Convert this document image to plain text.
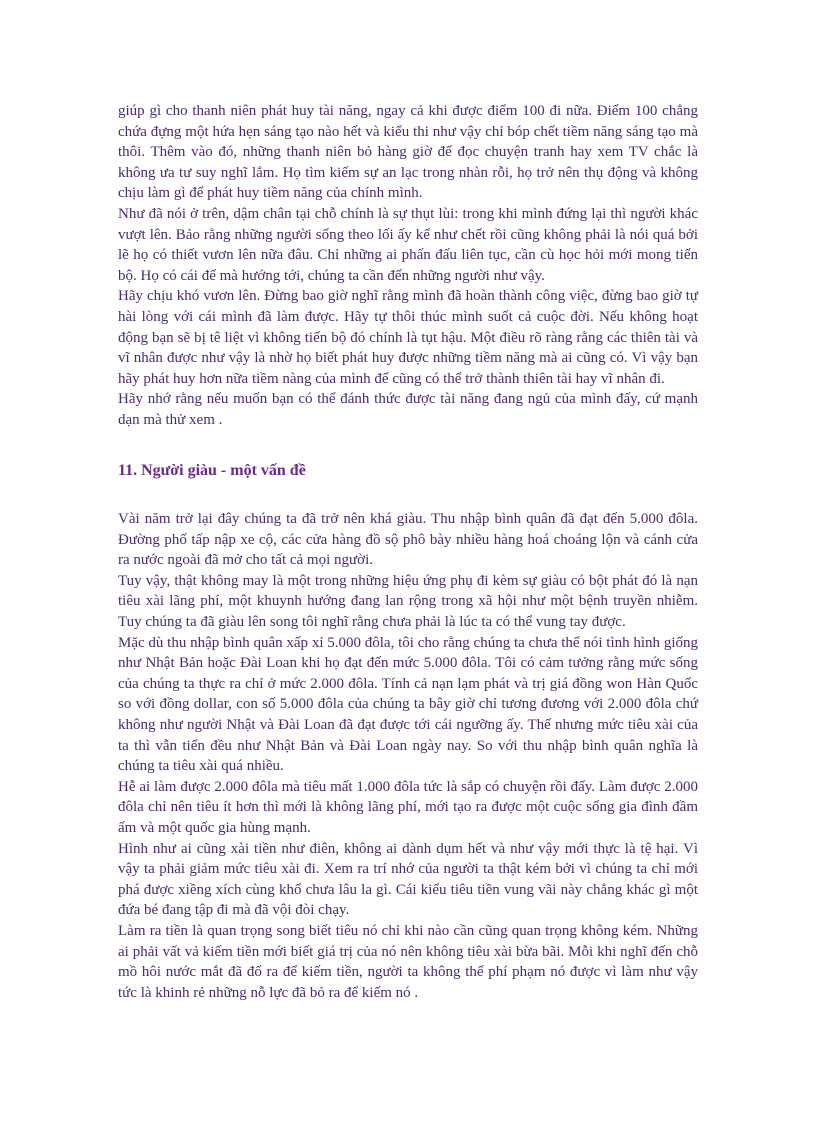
giúp gì cho thanh niên phát huy tài năng, ngay cả khi được điểm 100 đi nữa. Điểm 100 chẳng chứa đựng một hứa hẹn sáng tạo nào hết và kiểu thi như vậy chỉ bóp chết tiềm năng sáng tạo mà thôi. Thêm vào đó, những thanh niên bỏ hàng giờ để đọc chuyện tranh hay xem TV chắc là không ưa tư suy nghĩ lắm. Họ tìm kiếm sự an lạc trong nhàn rỗi, họ trở nên thụ động và không chịu làm gì để phát huy tiềm năng của chính mình.

Như đã nói ở trên, dậm chân tại chỗ chính là sự thụt lùi: trong khi mình đứng lại thì người khác vượt lên. Bảo rằng những người sống theo lối ấy kể như chết rồi cũng không phải là nói quá bởi lẽ họ có thiết vươn lên nữa đâu. Chỉ những ai phấn đấu liên tục, cần cù học hỏi mới mong tiến bộ. Họ có cái để mà hướng tới, chúng ta cần đến những người như vậy.

Hãy chịu khó vươn lên. Đừng bao giờ nghĩ rằng mình đã hoàn thành công việc, đừng bao giờ tự hài lòng với cái mình đã làm được. Hãy tự thôi thúc mình suốt cả cuộc đời. Nếu không hoạt động bạn sẽ bị tê liệt vì không tiến bộ đó chính là tụt hậu. Một điều rõ ràng rằng các thiên tài và vĩ nhân được như vậy là nhờ họ biết phát huy được những tiềm năng mà ai cũng có. Vì vậy bạn hãy phát huy hơn nữa tiềm nàng của mình để cũng có thể trở thành thiên tài hay vĩ nhân đi.

Hãy nhớ rằng nếu muốn bạn có thể đánh thức được tài năng đang ngủ của mình đấy, cứ mạnh dạn mà thử xem .

11. Người giàu - một vấn đề

Vài năm trở lại đây chúng ta đã trở nên khá giàu. Thu nhập bình quân đã đạt đến 5.000 đôla. Đường phố tấp nập xe cộ, các cửa hàng đồ sộ phô bày nhiều hàng hoá choáng lộn và cánh cửa ra nước ngoài đã mở cho tất cả mọi người.

Tuy vậy, thật không may là một trong những hiệu ứng phụ đi kèm sự giàu có bột phát đó là nạn tiêu xài lãng phí, một khuynh hướng đang lan rộng trong xã hội như một bệnh truyền nhiễm. Tuy chúng ta đã giàu lên song tôi nghĩ rằng chưa phải là lúc ta có thể vung tay được.

Mặc dù thu nhập bình quân xấp xỉ 5.000 đôla, tôi cho rằng chúng ta chưa thể nói tình hình giống như Nhật Bản hoặc Đài Loan khi họ đạt đến mức 5.000 đôla. Tôi có cảm tưởng rằng mức sống của chúng ta thực ra chỉ ở mức 2.000 đôla. Tính cả nạn lạm phát và trị giá đồng won Hàn Quốc so với đồng dollar, con số 5.000 đôla của chúng ta bây giờ chỉ tương đương với 2.000 đôla chứ không như người Nhật và Đài Loan đã đạt được tới cái ngưỡng ấy. Thế nhưng mức tiêu xài của ta thì vẫn tiến đều như Nhật Bản và Đài Loan ngày nay. So với thu nhập bình quân nghĩa là chúng ta tiêu xài quá nhiều.

Hễ ai làm được 2.000 đôla mà tiêu mất 1.000 đôla tức là sắp có chuyện rồi đấy. Làm được 2.000 đôla chỉ nên tiêu ít hơn thì mới là không lãng phí, mới tạo ra được một cuộc sống gia đình đầm ấm và một quốc gia hùng mạnh.

Hình như ai cũng xài tiền như điên, không ai dành dụm hết và như vậy mới thực là tệ hại. Vì vậy ta phải giảm mức tiêu xài đi. Xem ra trí nhớ của người ta thật kém bởi vì chúng ta chỉ mới phá được xiềng xích cùng khổ chưa lâu la gì. Cái kiểu tiêu tiền vung vãi này chẳng khác gì một đứa bé đang tập đi mà đã vội đòi chạy.

Làm ra tiền là quan trọng song biết tiêu nó chỉ khi nào cần cũng quan trọng không kém. Những ai phải vất vả kiếm tiền mới biết giá trị của nó nên không tiêu xài bừa bãi. Mỗi khi nghĩ đến chỗ mồ hôi nước mắt đã đổ ra để kiếm tiền, người ta không thể phí phạm nó được vì làm như vậy tức là khinh rẻ những nỗ lực đã bỏ ra để kiếm nó .
